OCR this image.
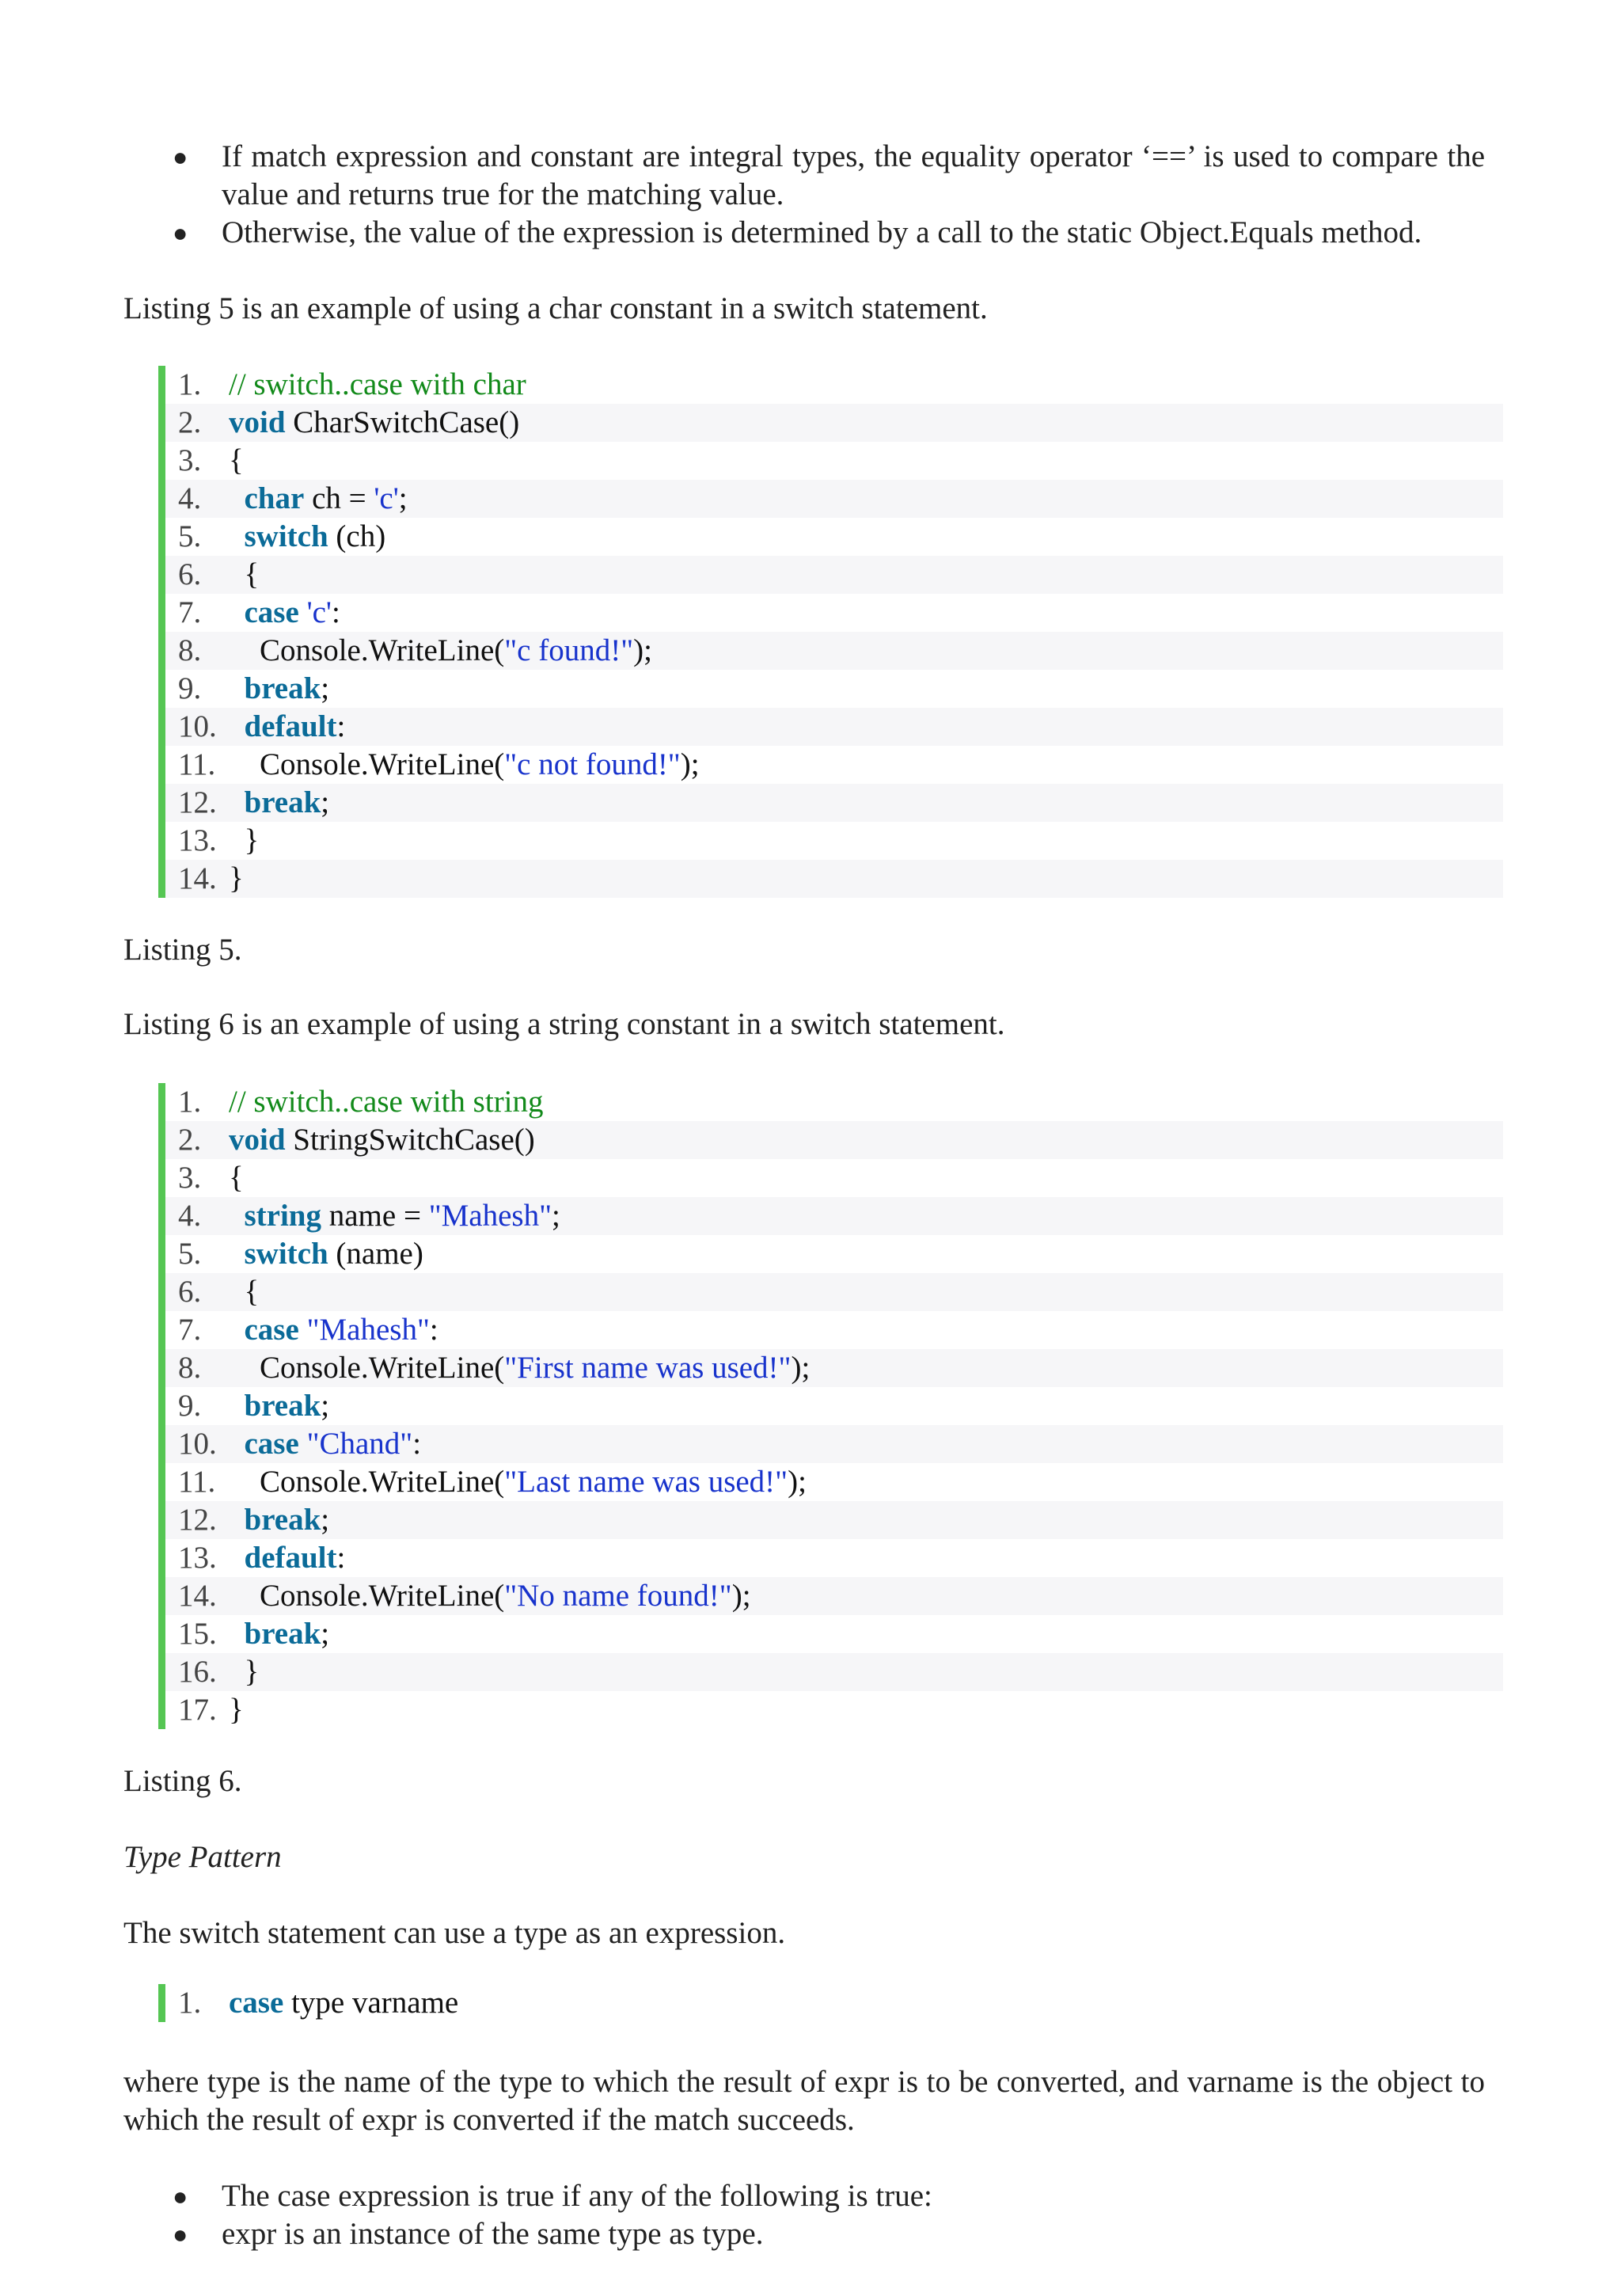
● If match expression and constant are integral types, the equality operator ‘==’ is used to compare the value and returns true for the matching value.
● Otherwise, the value of the expression is determined by a call to the static Object.Equals method.

Listing 5 is an example of using a char constant in a switch statement.

1. // switch..case with char
2. void CharSwitchCase()
3. {
4.	char ch = 'c';
5.	switch (ch)
6. {
7.	case 'c':
8. Console.WriteLine("c found!");
9.	break;
10. default:
11. Console.WriteLine("c not found!");
12. break;
13. }
14. }

Listing 5.

Listing 6 is an example of using a string constant in a switch statement.

1. // switch..case with string
2. void StringSwitchCase()
3. {
4.	string name = "Mahesh";
5.	switch (name)
6. {
7.	case "Mahesh":
8. Console.WriteLine("First name was used!");
9.	break;
10. case "Chand":
11. Console.WriteLine("Last name was used!");
12. break;
13. default:
14. Console.WriteLine("No name found!");
15. break;
16. }
17. }

Listing 6.

Type Pattern

The switch statement can use a type as an expression.

1. case type varname

where type is the name of the type to which the result of expr is to be converted, and varname is the object to which the result of expr is converted if the match succeeds.

● The case expression is true if any of the following is true:
● expr is an instance of the same type as type.
